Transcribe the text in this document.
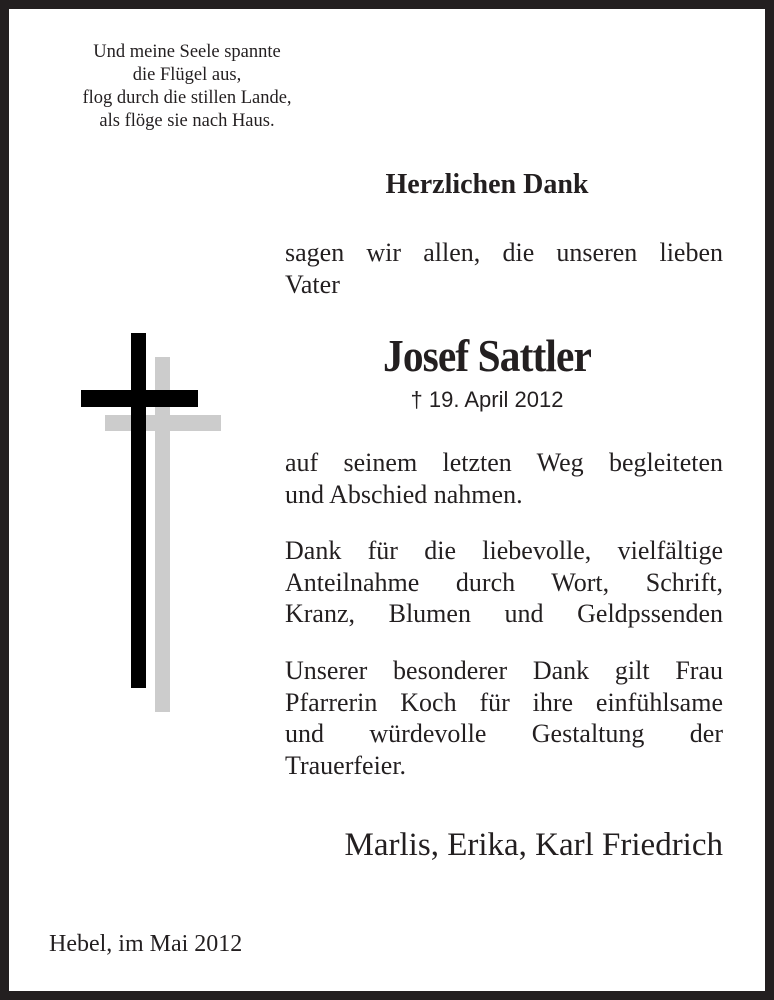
Und meine Seele spannte
die Flügel aus,
flog durch die stillen Lande,
als flöge sie nach Haus.
Herzlichen Dank
sagen wir allen, die unseren lieben
Vater
Josef Sattler
† 19. April 2012
auf seinem letzten Weg begleiteten
und Abschied nahmen.
Dank für die liebevolle, vielfältige
Anteilnahme durch Wort, Schrift,
Kranz, Blumen und Geldpssenden
Unserer besonderer Dank gilt Frau
Pfarrerin Koch für ihre einfühlsame
und würdevolle Gestaltung der
Trauerfeier.
Marlis, Erika, Karl Friedrich
Hebel, im Mai 2012
